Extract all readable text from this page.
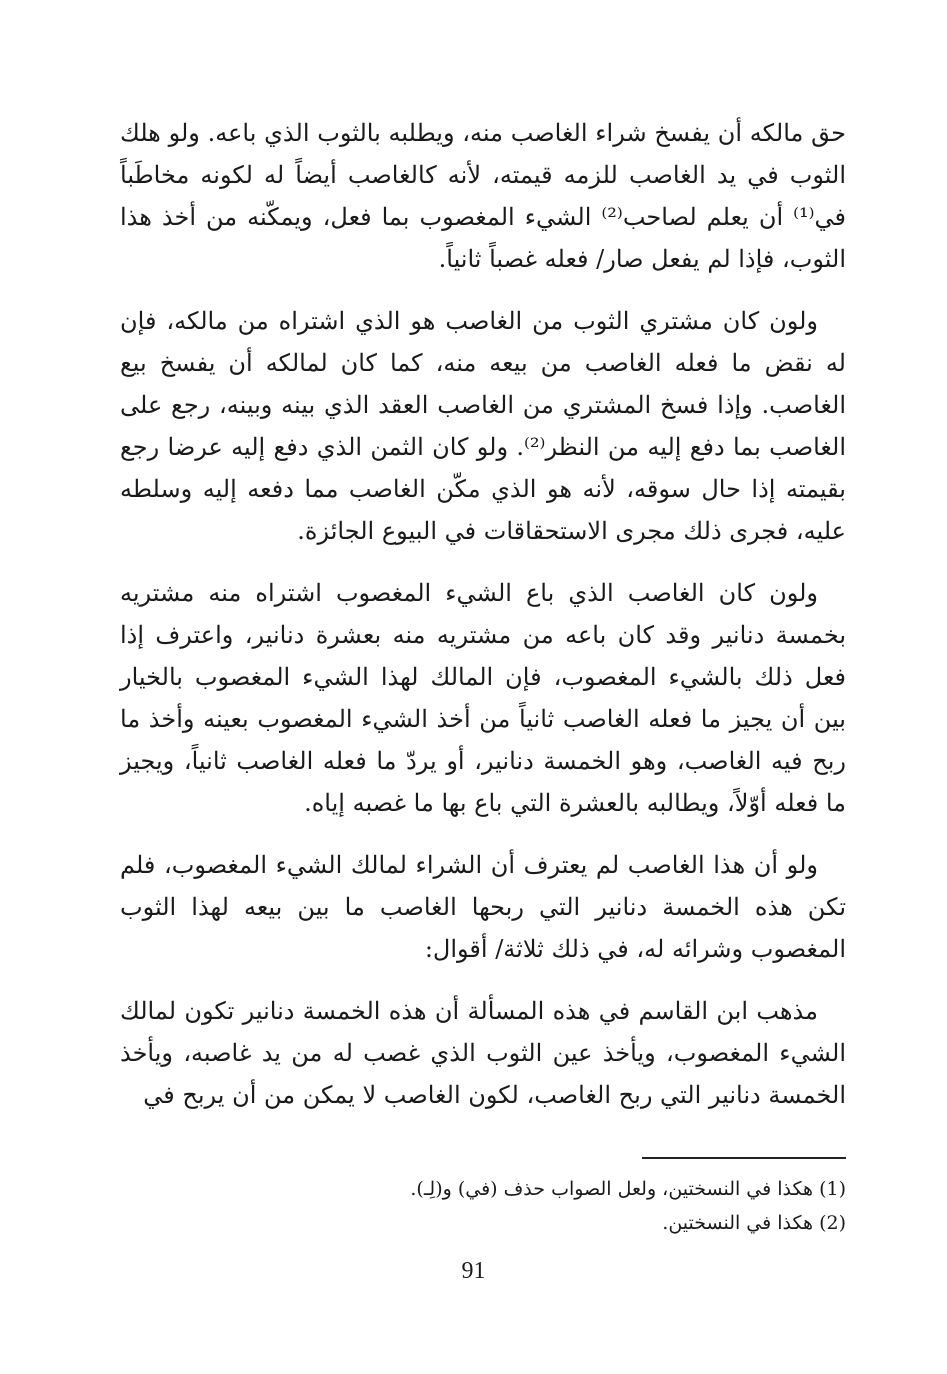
حق مالكه أن يفسخ شراء الغاصب منه، ويطلبه بالثوب الذي باعه. ولو هلك الثوب في يد الغاصب للزمه قيمته، لأنه كالغاصب أيضاً له لكونه مخاطَباً في⁽¹⁾ أن يعلم لصاحب⁽²⁾ الشيء المغصوب بما فعل، ويمكّنه من أخذ هذا الثوب، فإذا لم يفعل صار/ فعله غصباً ثانياً.

ولون كان مشتري الثوب من الغاصب هو الذي اشتراه من مالكه، فإن له نقض ما فعله الغاصب من بيعه منه، كما كان لمالكه أن يفسخ بيع الغاصب. وإذا فسخ المشتري من الغاصب العقد الذي بينه وبينه، رجع على الغاصب بما دفع إليه من النظر⁽²⁾. ولو كان الثمن الذي دفع إليه عرضا رجع بقيمته إذا حال سوقه، لأنه هو الذي مكّن الغاصب مما دفعه إليه وسلطه عليه، فجرى ذلك مجرى الاستحقاقات في البيوع الجائزة.

ولون كان الغاصب الذي باع الشيء المغصوب اشتراه منه مشتريه بخمسة دنانير وقد كان باعه من مشتريه منه بعشرة دنانير، واعترف إذا فعل ذلك بالشيء المغصوب، فإن المالك لهذا الشيء المغصوب بالخيار بين أن يجيز ما فعله الغاصب ثانياً من أخذ الشيء المغصوب بعينه وأخذ ما ربح فيه الغاصب، وهو الخمسة دنانير، أو يردّ ما فعله الغاصب ثانياً، ويجيز ما فعله أوّلاً، ويطالبه بالعشرة التي باع بها ما غصبه إياه.

ولو أن هذا الغاصب لم يعترف أن الشراء لمالك الشيء المغصوب، فلم تكن هذه الخمسة دنانير التي ربحها الغاصب ما بين بيعه لهذا الثوب المغصوب وشرائه له، في ذلك ثلاثة/ أقوال:

مذهب ابن القاسم في هذه المسألة أن هذه الخمسة دنانير تكون لمالك الشيء المغصوب، ويأخذ عين الثوب الذي غصب له من يد غاصبه، ويأخذ الخمسة دنانير التي ربح الغاصب، لكون الغاصب لا يمكن من أن يربح في

(1) هكذا في النسختين، ولعل الصواب حذف (في) و(لِـ).

(2) هكذا في النسختين.

91
